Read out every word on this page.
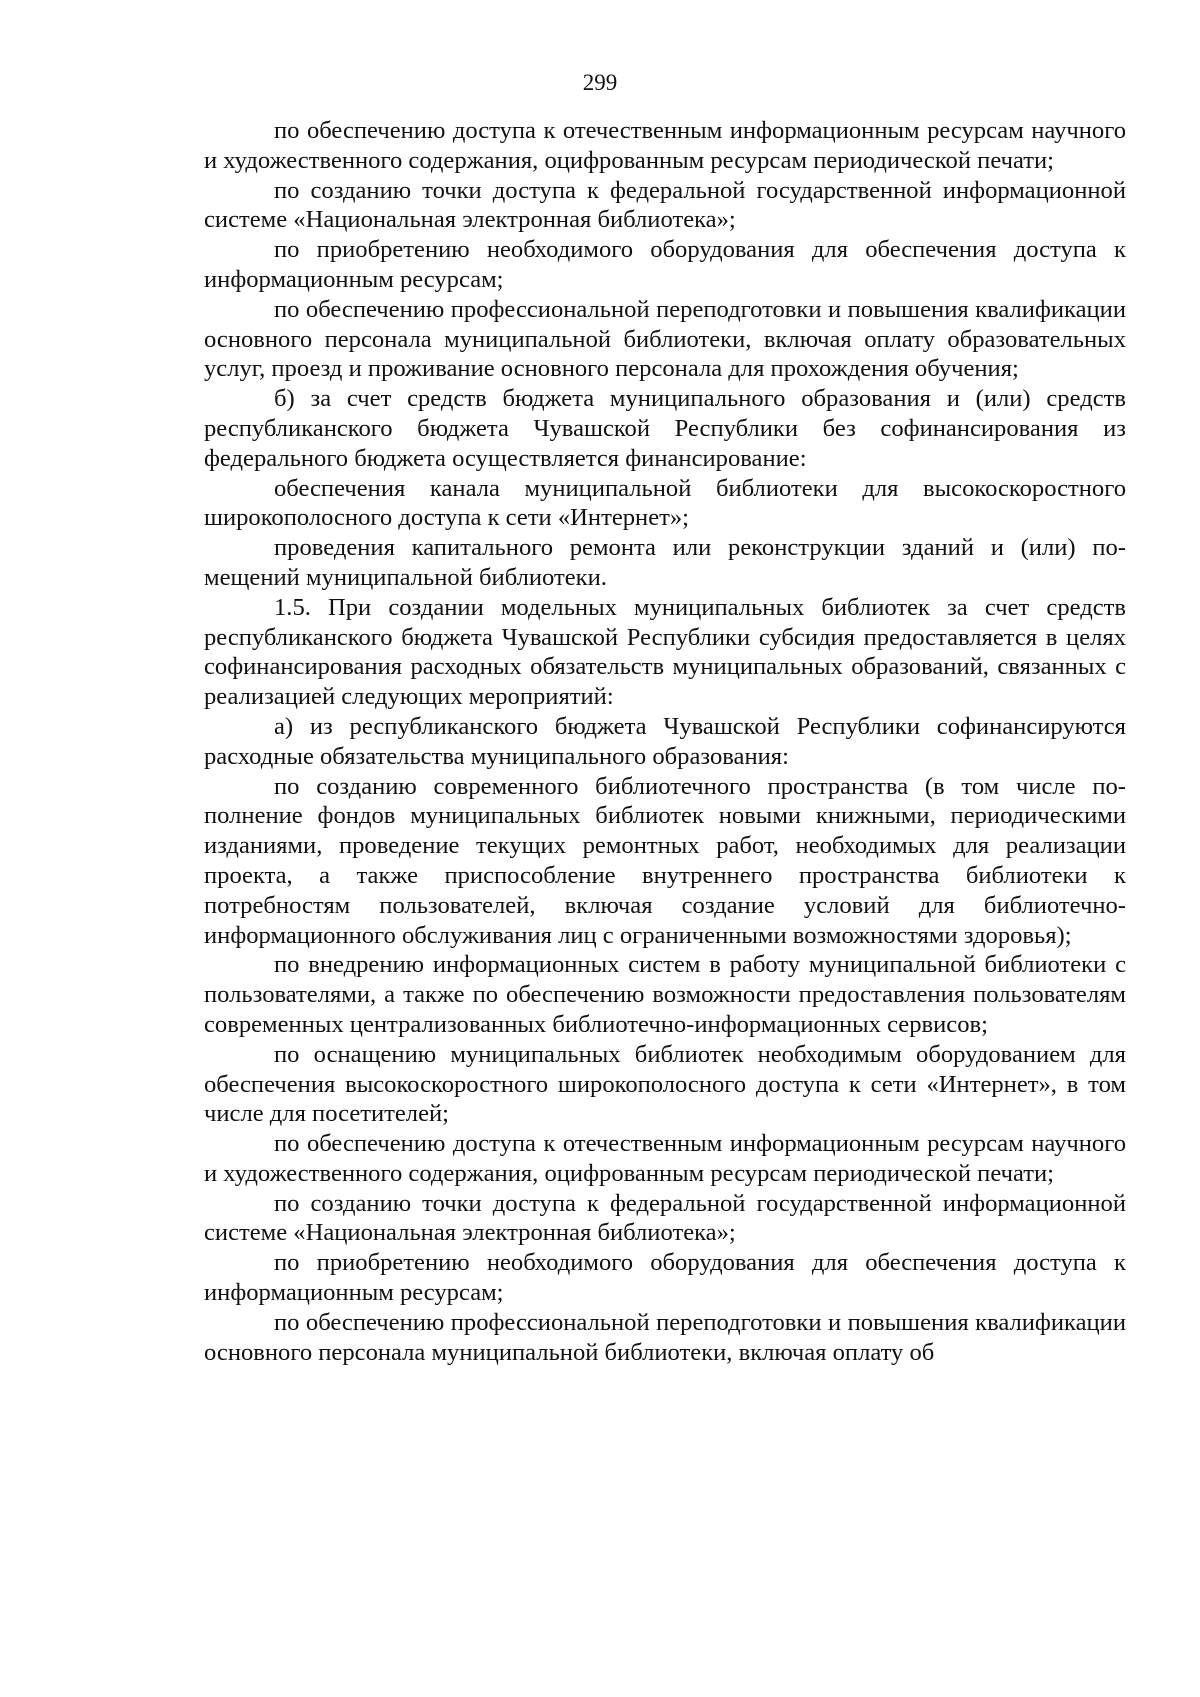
299

по обеспечению доступа к отечественным информационным ресурсам научного и художественного содержания, оцифрованным ресурсам периодической печати;

по созданию точки доступа к федеральной государственной информационной системе «Национальная электронная библиотека»;

по приобретению необходимого оборудования для обеспечения доступа к информационным ресурсам;

по обеспечению профессиональной переподготовки и повышения квалификации основного персонала муниципальной библиотеки, включая оплату образовательных услуг, проезд и проживание основного персонала для прохождения обучения;

б) за счет средств бюджета муниципального образования и (или) средств республиканского бюджета Чувашской Республики без софинансирования из федерального бюджета осуществляется финансирование:

обеспечения канала муниципальной библиотеки для высокоскоростного широкополосного доступа к сети «Интернет»;

проведения капитального ремонта или реконструкции зданий и (или) помещений муниципальной библиотеки.

1.5. При создании модельных муниципальных библиотек за счет средств республиканского бюджета Чувашской Республики субсидия предоставляется в целях софинансирования расходных обязательств муниципальных образований, связанных с реализацией следующих мероприятий:

а) из республиканского бюджета Чувашской Республики софинансируются расходные обязательства муниципального образования:

по созданию современного библиотечного пространства (в том числе пополнение фондов муниципальных библиотек новыми книжными, периодическими изданиями, проведение текущих ремонтных работ, необходимых для реализации проекта, а также приспособление внутреннего пространства библиотеки к потребностям пользователей, включая создание условий для библиотечно-информационного обслуживания лиц с ограниченными возможностями здоровья);

по внедрению информационных систем в работу муниципальной библиотеки с пользователями, а также по обеспечению возможности предоставления пользователям современных централизованных библиотечно-информационных сервисов;

по оснащению муниципальных библиотек необходимым оборудованием для обеспечения высокоскоростного широкополосного доступа к сети «Интернет», в том числе для посетителей;

по обеспечению доступа к отечественным информационным ресурсам научного и художественного содержания, оцифрованным ресурсам периодической печати;

по созданию точки доступа к федеральной государственной информационной системе «Национальная электронная библиотека»;

по приобретению необходимого оборудования для обеспечения доступа к информационным ресурсам;

по обеспечению профессиональной переподготовки и повышения квалификации основного персонала муниципальной библиотеки, включая оплату об
